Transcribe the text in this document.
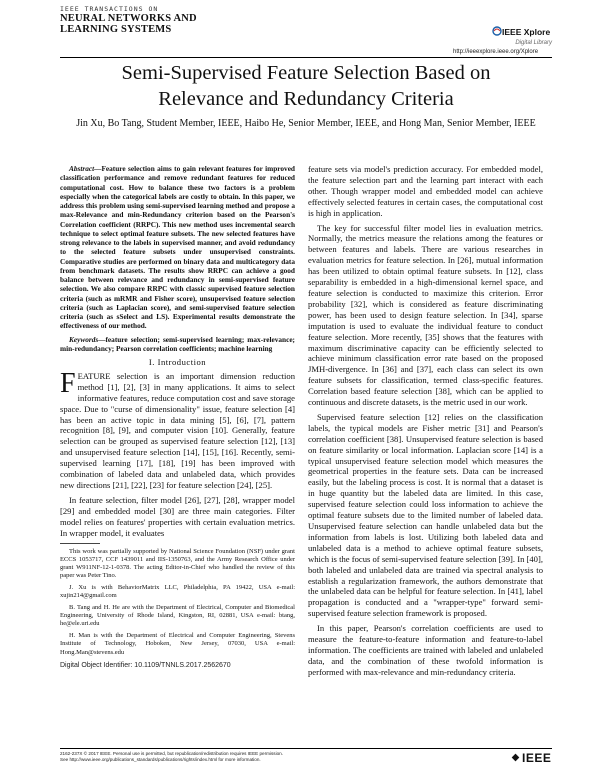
IEEE TRANSACTIONS ON
NEURAL NETWORKS AND
LEARNING SYSTEMS	IEEE Xplore
Digital Library
http://ieeexplore.ieee.org/Xplore
Semi-Supervised Feature Selection Based on
Relevance and Redundancy Criteria
Jin Xu, Bo Tang, Student Member, IEEE, Haibo He, Senior Member, IEEE, and Hong Man, Senior Member, IEEE

Abstract—Feature selection aims to gain relevant features for improved classification performance and remove redundant features for reduced computational cost. How to balance these two factors is a problem especially when the categorical labels are costly to obtain. In this paper, we address this problem using semi-supervised learning method and propose a max-Relevance and min-Redundancy criterion based on the Pearson's Correlation coefficient (RRPC). This new method uses incremental search technique to select optimal feature subsets. The new selected features have strong relevance to the labels in supervised manner, and avoid redundancy to the selected feature subsets under unsupervised constraints. Comparative studies are performed on binary data and multicategory data from benchmark datasets. The results show RRPC can achieve a good balance between relevance and redundancy in semi-supervised feature selection. We also compare RRPC with classic supervised feature selection criteria (such as mRMR and Fisher score), unsupervised feature selection criteria (such as Laplacian score), and semi-supervised feature selection criteria (such as sSelect and LS). Experimental results demonstrate the effectiveness of our method.

Keywords—feature selection; semi-supervised learning; max-relevance; min-redundancy; Pearson correlation coefficients; machine learning

I. Introduction

FEATURE selection is an important dimension reduction method [1], [2], [3] in many applications. It aims to select informative features, reduce computation cost and save storage space. Due to "curse of dimensionality" issue, feature selection [4] has been an active topic in data mining [5], [6], [7], pattern recognition [8], [9], and computer vision [10]. Generally, feature selection can be grouped as supervised feature selection [12], [13] and unsupervised feature selection [14], [15], [16]. Recently, semi-supervised learning [17], [18], [19] has been improved with combination of labeled data and unlabeled data, which provides new directions [21], [22], [23] for feature selection [24], [25].

In feature selection, filter model [26], [27], [28], wrapper model [29] and embedded model [30] are three main categories. Filter model relies on features' properties with certain evaluation metrics. In wrapper model, it evaluates

This work was partially supported by National Science Foundation (NSF) under grant ECCS 1053717, CCF 1439011 and IIS-1350763, and the Army Research Office under grant W911NF-12-1-0378. The acting Editor-in-Chief who handled the review of this paper was Peter Tino.

J. Xu is with BehaviorMatrix LLC, Philadelphia, PA 19422, USA e-mail: xujin214@gmail.com

B. Tang and H. He are with the Department of Electrical, Computer and Biomedical Engineering, University of Rhode Island, Kingston, RI, 02881, USA e-mail: btang, he@ele.uri.edu

H. Man is with the Department of Electrical and Computer Engineering, Stevens Institute of Technology, Hoboken, New Jersey, 07030, USA e-mail: Hong.Man@stevens.edu

Digital Object Identifier: 10.1109/TNNLS.2017.2562670

feature sets via model's prediction accuracy. For embedded model, the feature selection part and the learning part interact with each other. Though wrapper model and embedded model can achieve effectively selected features in certain cases, the computational cost is high in application.

The key for successful filter model lies in evaluation metrics. Normally, the metrics measure the relations among the features or between features and labels. There are various researches in evaluation metrics for feature selection. In [26], mutual information has been utilized to obtain optimal feature subsets. In [12], class separability is embedded in a high-dimensional kernel space, and feature selection is conducted to maximize this criterion. Error probability [32], which is considered as feature discriminating power, has been used to design feature selection. In [34], sparse imputation is used to evaluate the individual feature to conduct feature selection. More recently, [35] shows that the features with maximum discriminative capacity can be efficiently selected to achieve minimum classification error rate based on the proposed JMH-divergence. In [36] and [37], each class can select its own feature subsets for classification, termed class-specific features. Correlation based feature selection [38], which can be applied to continuous and discrete datasets, is the metric used in our work.

Supervised feature selection [12] relies on the classification labels, the typical models are Fisher metric [31] and Pearson's correlation coefficient [38]. Unsupervised feature selection is based on feature similarity or local information. Laplacian score [14] is a typical unsupervised feature selection model which measures the geometrical properties in the feature sets. Data can be increased easily, but the labeling process is cost. It is normal that a dataset is in huge quantity but the labeled data are limited. In this case, supervised feature selection could loss information to achieve the optimal feature subsets due to the limited number of labeled data. Unsupervised feature selection can handle unlabeled data but the information from labels is lost. Utilizing both labeled data and unlabeled data is a method to achieve optimal feature subsets, which is the focus of semi-supervised feature selection [39]. In [40], both labeled and unlabeled data are trained via spectral analysis to establish a regularization framework, the authors demonstrate that the unlabeled data can be helpful for feature selection. In [41], label propagation is conducted and a "wrapper-type" forward semi-supervised feature selection framework is proposed.

In this paper, Pearson's correlation coefficients are used to measure the feature-to-feature information and feature-to-label information. The coefficients are trained with labeled and unlabeled data, and the combination of these twofold information is performed with max-relevance and min-redundancy criteria.

2162-237X © 2017 IEEE. Personal use is permitted, but republication/redistribution requires IEEE permission.
See http://www.ieee.org/publications_standards/publications/rights/index.html for more information.	IEEE
